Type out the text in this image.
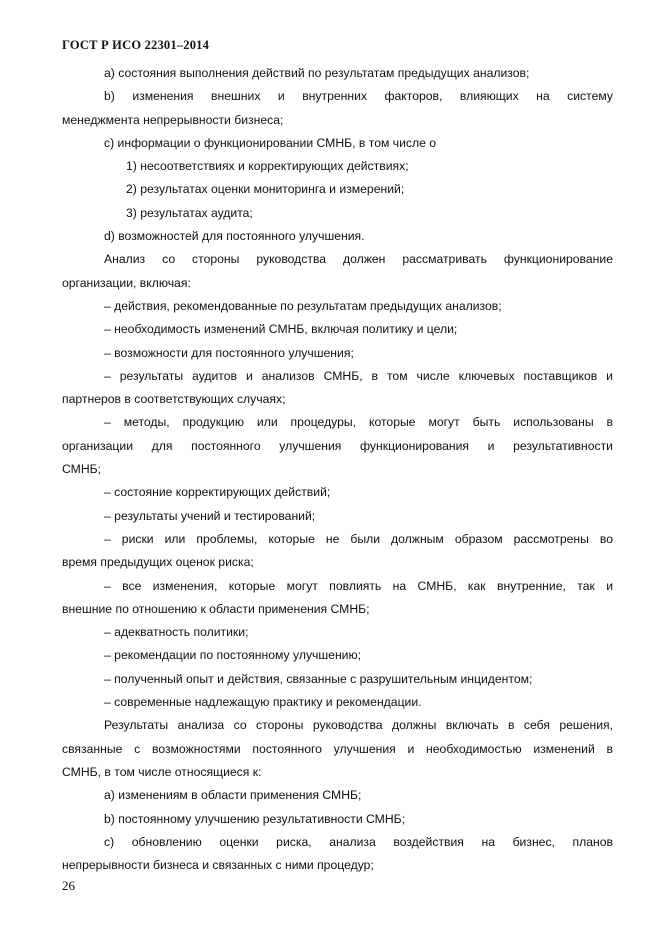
ГОСТ Р ИСО 22301–2014
a) состояния выполнения действий по результатам предыдущих анализов;
b) изменения внешних и внутренних факторов, влияющих на систему
менеджмента непрерывности бизнеса;
c) информации о функционировании СМНБ, в том числе о
1) несоответствиях и корректирующих действиях;
2) результатах оценки мониторинга и измерений;
3) результатах аудита;
d) возможностей для постоянного улучшения.
Анализ со стороны руководства должен рассматривать функционирование
организации, включая:
– действия, рекомендованные по результатам предыдущих анализов;
– необходимость изменений СМНБ, включая политику и цели;
– возможности для постоянного улучшения;
– результаты аудитов и анализов СМНБ, в том числе ключевых поставщиков и
партнеров в соответствующих случаях;
– методы, продукцию или процедуры, которые могут быть использованы в
организации для постоянного улучшения функционирования и результативности
СМНБ;
– состояние корректирующих действий;
– результаты учений и тестирований;
– риски или проблемы, которые не были должным образом рассмотрены во
время предыдущих оценок риска;
– все изменения, которые могут повлиять на СМНБ, как внутренние, так и
внешние по отношению к области применения СМНБ;
– адекватность политики;
– рекомендации по постоянному улучшению;
– полученный опыт и действия, связанные с разрушительным инцидентом;
– современные надлежащую практику и рекомендации.
Результаты анализа со стороны руководства должны включать в себя решения,
связанные с возможностями постоянного улучшения и необходимостью изменений в
СМНБ, в том числе относящиеся к:
a) изменениям в области применения СМНБ;
b) постоянному улучшению результативности СМНБ;
c) обновлению оценки риска, анализа воздействия на бизнес, планов
непрерывности бизнеса и связанных с ними процедур;
26
